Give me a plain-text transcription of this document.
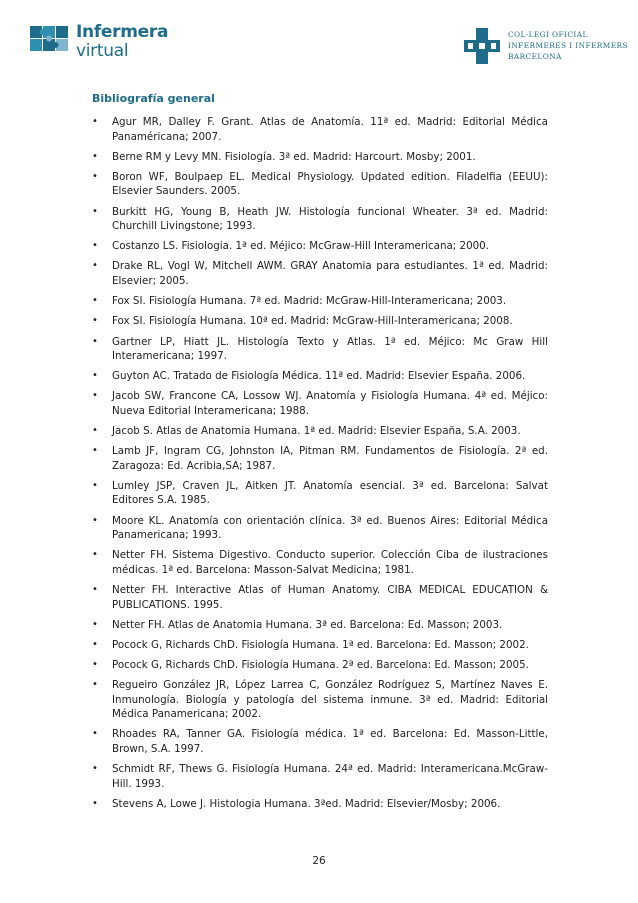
Infermera
virtual
COL·LEGI OFICIAL
INFERMERES I INFERMERS
BARCELONA
Bibliografía general
•	Agur MR, Dalley F. Grant. Atlas de Anatomía. 11ª ed. Madrid: Editorial Médica Panaméricana; 2007.
•	Berne RM y Levy MN. Fisiología. 3ª ed. Madrid: Harcourt. Mosby; 2001.
•	Boron WF, Boulpaep EL. Medical Physiology. Updated edition. Filadelfia (EEUU): Elsevier Saunders. 2005.
•	Burkitt HG, Young B, Heath JW. Histología funcional Wheater. 3ª ed. Madrid: Churchill Livingstone; 1993.
•	Costanzo LS. Fisiologia. 1ª ed. Méjico: McGraw-Hill Interamericana; 2000.
•	Drake RL, Vogl W, Mitchell AWM. GRAY Anatomia para estudiantes. 1ª ed. Madrid: Elsevier; 2005.
•	Fox SI. Fisiología Humana. 7ª ed. Madrid: McGraw-Hill-Interamericana; 2003.
•	Fox SI. Fisiología Humana. 10ª ed. Madrid: McGraw-Hill-Interamericana; 2008.
•	Gartner LP, Hiatt JL. Histología Texto y Atlas. 1ª ed. Méjico: Mc Graw Hill Interamericana; 1997.
•	Guyton AC. Tratado de Fisiología Médica. 11ª ed. Madrid: Elsevier España. 2006.
•	Jacob SW, Francone CA, Lossow WJ. Anatomía y Fisiología Humana. 4ª ed. Méjico: Nueva Editorial Interamericana; 1988.
•	Jacob S. Atlas de Anatomia Humana. 1ª ed. Madrid: Elsevier España, S.A. 2003.
•	Lamb JF, Ingram CG, Johnston IA, Pitman RM. Fundamentos de Fisiología. 2ª ed. Zaragoza: Ed. Acribia,SA; 1987.
•	Lumley JSP, Craven JL, Aitken JT. Anatomía esencial. 3ª ed. Barcelona: Salvat Editores S.A. 1985.
•	Moore KL. Anatomía con orientación clínica. 3ª ed. Buenos Aires: Editorial Médica Panamericana; 1993.
•	Netter FH. Sistema Digestivo. Conducto superior. Colección Ciba de ilustraciones médicas. 1ª ed. Barcelona: Masson-Salvat Medicina; 1981.
•	Netter FH. Interactive Atlas of Human Anatomy. CIBA MEDICAL EDUCATION & PUBLICATIONS. 1995.
•	Netter FH. Atlas de Anatomia Humana. 3ª ed. Barcelona: Ed. Masson; 2003.
•	Pocock G, Richards ChD. Fisiología Humana. 1ª ed. Barcelona: Ed. Masson; 2002.
•	Pocock G, Richards ChD. Fisiología Humana. 2ª ed. Barcelona: Ed. Masson; 2005.
•	Regueiro González JR, López Larrea C, González Rodríguez S, Martínez Naves E. Inmunología. Biología y patología del sistema inmune. 3ª ed. Madrid: Editorial Médica Panamericana; 2002.
•	Rhoades RA, Tanner GA. Fisiología médica. 1ª ed. Barcelona: Ed. Masson-Little, Brown, S.A. 1997.
•	Schmidt RF, Thews G. Fisiología Humana. 24ª ed. Madrid: Interamericana.McGraw-Hill. 1993.
•	Stevens A, Lowe J. Histologia Humana. 3ªed. Madrid: Elsevier/Mosby; 2006.
26
